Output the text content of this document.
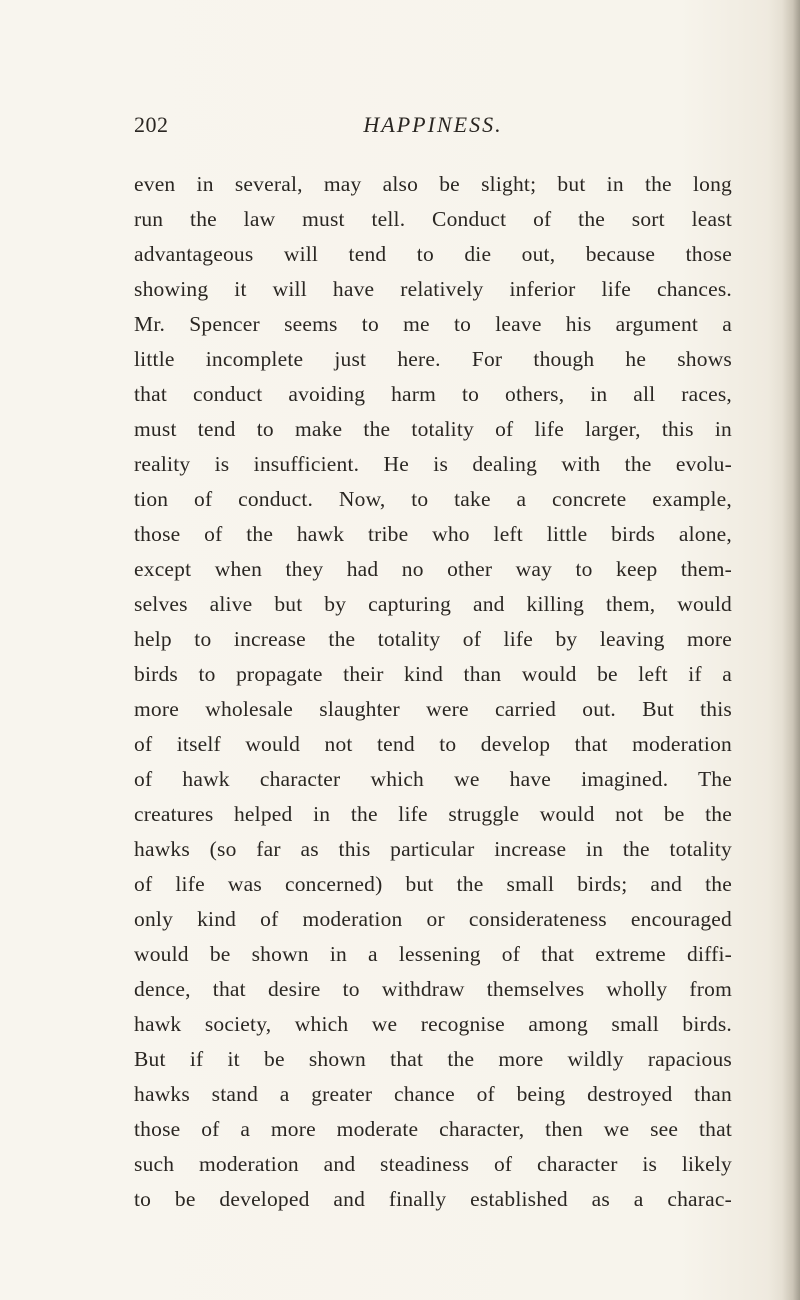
202	HAPPINESS.
even in several, may also be slight; but in the long
run the law must tell. Conduct of the sort least
advantageous will tend to die out, because those
showing it will have relatively inferior life chances.
Mr. Spencer seems to me to leave his argument a
little incomplete just here. For though he shows
that conduct avoiding harm to others, in all races,
must tend to make the totality of life larger, this in
reality is insufficient. He is dealing with the evolu-
tion of conduct. Now, to take a concrete example,
those of the hawk tribe who left little birds alone,
except when they had no other way to keep them-
selves alive but by capturing and killing them, would
help to increase the totality of life by leaving more
birds to propagate their kind than would be left if a
more wholesale slaughter were carried out. But this
of itself would not tend to develop that moderation
of hawk character which we have imagined. The
creatures helped in the life struggle would not be the
hawks (so far as this particular increase in the totality
of life was concerned) but the small birds; and the
only kind of moderation or considerateness encouraged
would be shown in a lessening of that extreme diffi-
dence, that desire to withdraw themselves wholly from
hawk society, which we recognise among small birds.
But if it be shown that the more wildly rapacious
hawks stand a greater chance of being destroyed than
those of a more moderate character, then we see that
such moderation and steadiness of character is likely
to be developed and finally established as a charac-
